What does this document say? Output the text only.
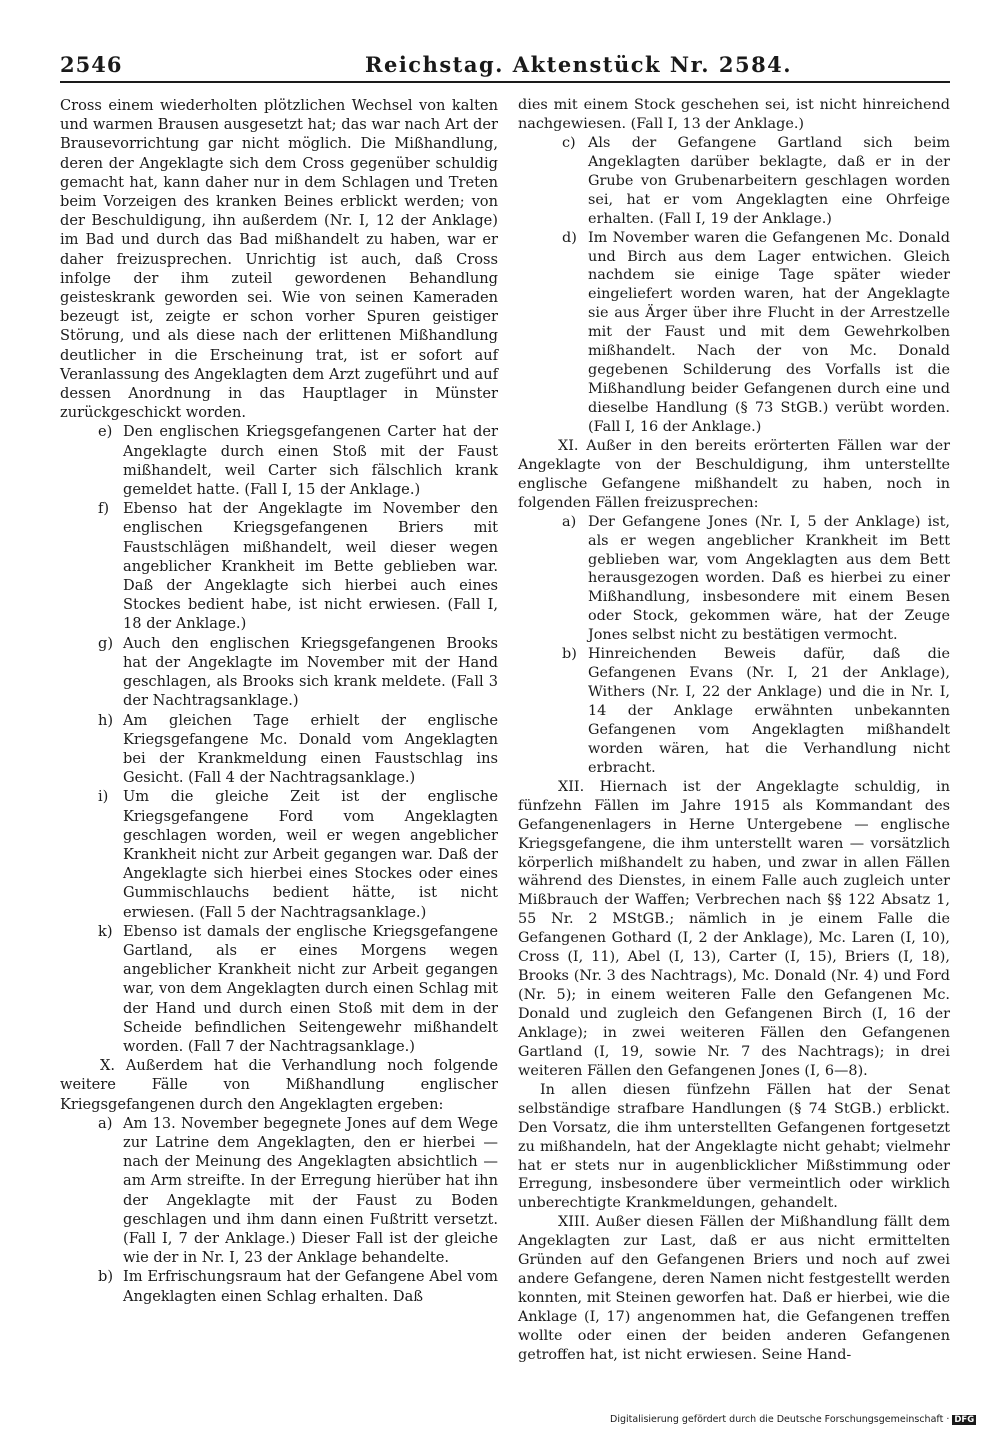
2546	Reichstag. Aktenstück Nr. 2584.

Cross einem wiederholten plötzlichen Wechsel von kalten und warmen Brausen ausgesetzt hat; das war nach Art der Brausevorrichtung gar nicht möglich. Die Mißhandlung, deren der Angeklagte sich dem Cross gegenüber schuldig gemacht hat, kann daher nur in dem Schlagen und Treten beim Vorzeigen des kranken Beines erblickt werden; von der Beschuldigung, ihn außerdem (Nr. I, 12 der Anklage) im Bad und durch das Bad mißhandelt zu haben, war er daher freizusprechen. Unrichtig ist auch, daß Cross infolge der ihm zuteil gewordenen Behandlung geisteskrank geworden sei. Wie von seinen Kameraden bezeugt ist, zeigte er schon vorher Spuren geistiger Störung, und als diese nach der erlittenen Mißhandlung deutlicher in die Erscheinung trat, ist er sofort auf Veranlassung des Angeklagten dem Arzt zugeführt und auf dessen Anordnung in das Hauptlager in Münster zurückgeschickt worden.

e) Den englischen Kriegsgefangenen Carter hat der Angeklagte durch einen Stoß mit der Faust mißhandelt, weil Carter sich fälschlich krank gemeldet hatte. (Fall I, 15 der Anklage.)

f) Ebenso hat der Angeklagte im November den englischen Kriegsgefangenen Briers mit Faustschlägen mißhandelt, weil dieser wegen angeblicher Krankheit im Bette geblieben war. Daß der Angeklagte sich hierbei auch eines Stockes bedient habe, ist nicht erwiesen. (Fall I, 18 der Anklage.)

g) Auch den englischen Kriegsgefangenen Brooks hat der Angeklagte im November mit der Hand geschlagen, als Brooks sich krank meldete. (Fall 3 der Nachtragsanklage.)

h) Am gleichen Tage erhielt der englische Kriegsgefangene Mc. Donald vom Angeklagten bei der Krankmeldung einen Faustschlag ins Gesicht. (Fall 4 der Nachtragsanklage.)

i) Um die gleiche Zeit ist der englische Kriegsgefangene Ford vom Angeklagten geschlagen worden, weil er wegen angeblicher Krankheit nicht zur Arbeit gegangen war. Daß der Angeklagte sich hierbei eines Stockes oder eines Gummischlauchs bedient hätte, ist nicht erwiesen. (Fall 5 der Nachtragsanklage.)

k) Ebenso ist damals der englische Kriegsgefangene Gartland, als er eines Morgens wegen angeblicher Krankheit nicht zur Arbeit gegangen war, von dem Angeklagten durch einen Schlag mit der Hand und durch einen Stoß mit dem in der Scheide befindlichen Seitengewehr mißhandelt worden. (Fall 7 der Nachtragsanklage.)

X. Außerdem hat die Verhandlung noch folgende weitere Fälle von Mißhandlung englischer Kriegsgefangenen durch den Angeklagten ergeben:

a) Am 13. November begegnete Jones auf dem Wege zur Latrine dem Angeklagten, den er hierbei — nach der Meinung des Angeklagten absichtlich — am Arm streifte. In der Erregung hierüber hat ihn der Angeklagte mit der Faust zu Boden geschlagen und ihm dann einen Fußtritt versetzt. (Fall I, 7 der Anklage.) Dieser Fall ist der gleiche wie der in Nr. I, 23 der Anklage behandelte.

b) Im Erfrischungsraum hat der Gefangene Abel vom Angeklagten einen Schlag erhalten. Daß

dies mit einem Stock geschehen sei, ist nicht hinreichend nachgewiesen. (Fall I, 13 der Anklage.)

c) Als der Gefangene Gartland sich beim Angeklagten darüber beklagte, daß er in der Grube von Grubenarbeitern geschlagen worden sei, hat er vom Angeklagten eine Ohrfeige erhalten. (Fall I, 19 der Anklage.)

d) Im November waren die Gefangenen Mc. Donald und Birch aus dem Lager entwichen. Gleich nachdem sie einige Tage später wieder eingeliefert worden waren, hat der Angeklagte sie aus Ärger über ihre Flucht in der Arrestzelle mit der Faust und mit dem Gewehrkolben mißhandelt. Nach der von Mc. Donald gegebenen Schilderung des Vorfalls ist die Mißhandlung beider Gefangenen durch eine und dieselbe Handlung (§ 73 StGB.) verübt worden. (Fall I, 16 der Anklage.)

XI. Außer in den bereits erörterten Fällen war der Angeklagte von der Beschuldigung, ihm unterstellte englische Gefangene mißhandelt zu haben, noch in folgenden Fällen freizusprechen:

a) Der Gefangene Jones (Nr. I, 5 der Anklage) ist, als er wegen angeblicher Krankheit im Bett geblieben war, vom Angeklagten aus dem Bett herausgezogen worden. Daß es hierbei zu einer Mißhandlung, insbesondere mit einem Besen oder Stock, gekommen wäre, hat der Zeuge Jones selbst nicht zu bestätigen vermocht.

b) Hinreichenden Beweis dafür, daß die Gefangenen Evans (Nr. I, 21 der Anklage), Withers (Nr. I, 22 der Anklage) und die in Nr. I, 14 der Anklage erwähnten unbekannten Gefangenen vom Angeklagten mißhandelt worden wären, hat die Verhandlung nicht erbracht.

XII. Hiernach ist der Angeklagte schuldig, in fünfzehn Fällen im Jahre 1915 als Kommandant des Gefangenenlagers in Herne Untergebene — englische Kriegsgefangene, die ihm unterstellt waren — vorsätzlich körperlich mißhandelt zu haben, und zwar in allen Fällen während des Dienstes, in einem Falle auch zugleich unter Mißbrauch der Waffen; Verbrechen nach §§ 122 Absatz 1, 55 Nr. 2 MStGB.; nämlich in je einem Falle die Gefangenen Gothard (I, 2 der Anklage), Mc. Laren (I, 10), Cross (I, 11), Abel (I, 13), Carter (I, 15), Briers (I, 18), Brooks (Nr. 3 des Nachtrags), Mc. Donald (Nr. 4) und Ford (Nr. 5); in einem weiteren Falle den Gefangenen Mc. Donald und zugleich den Gefangenen Birch (I, 16 der Anklage); in zwei weiteren Fällen den Gefangenen Gartland (I, 19, sowie Nr. 7 des Nachtrags); in drei weiteren Fällen den Gefangenen Jones (I, 6—8).

In allen diesen fünfzehn Fällen hat der Senat selbständige strafbare Handlungen (§ 74 StGB.) erblickt. Den Vorsatz, die ihm unterstellten Gefangenen fortgesetzt zu mißhandeln, hat der Angeklagte nicht gehabt; vielmehr hat er stets nur in augenblicklicher Mißstimmung oder Erregung, insbesondere über vermeintlich oder wirklich unberechtigte Krankmeldungen, gehandelt.

XIII. Außer diesen Fällen der Mißhandlung fällt dem Angeklagten zur Last, daß er aus nicht ermittelten Gründen auf den Gefangenen Briers und noch auf zwei andere Gefangene, deren Namen nicht festgestellt werden konnten, mit Steinen geworfen hat. Daß er hierbei, wie die Anklage (I, 17) angenommen hat, die Gefangenen treffen wollte oder einen der beiden anderen Gefangenen getroffen hat, ist nicht erwiesen. Seine Hand-

Digitalisierung gefördert durch die Deutsche Forschungsgemeinschaft · DFG
